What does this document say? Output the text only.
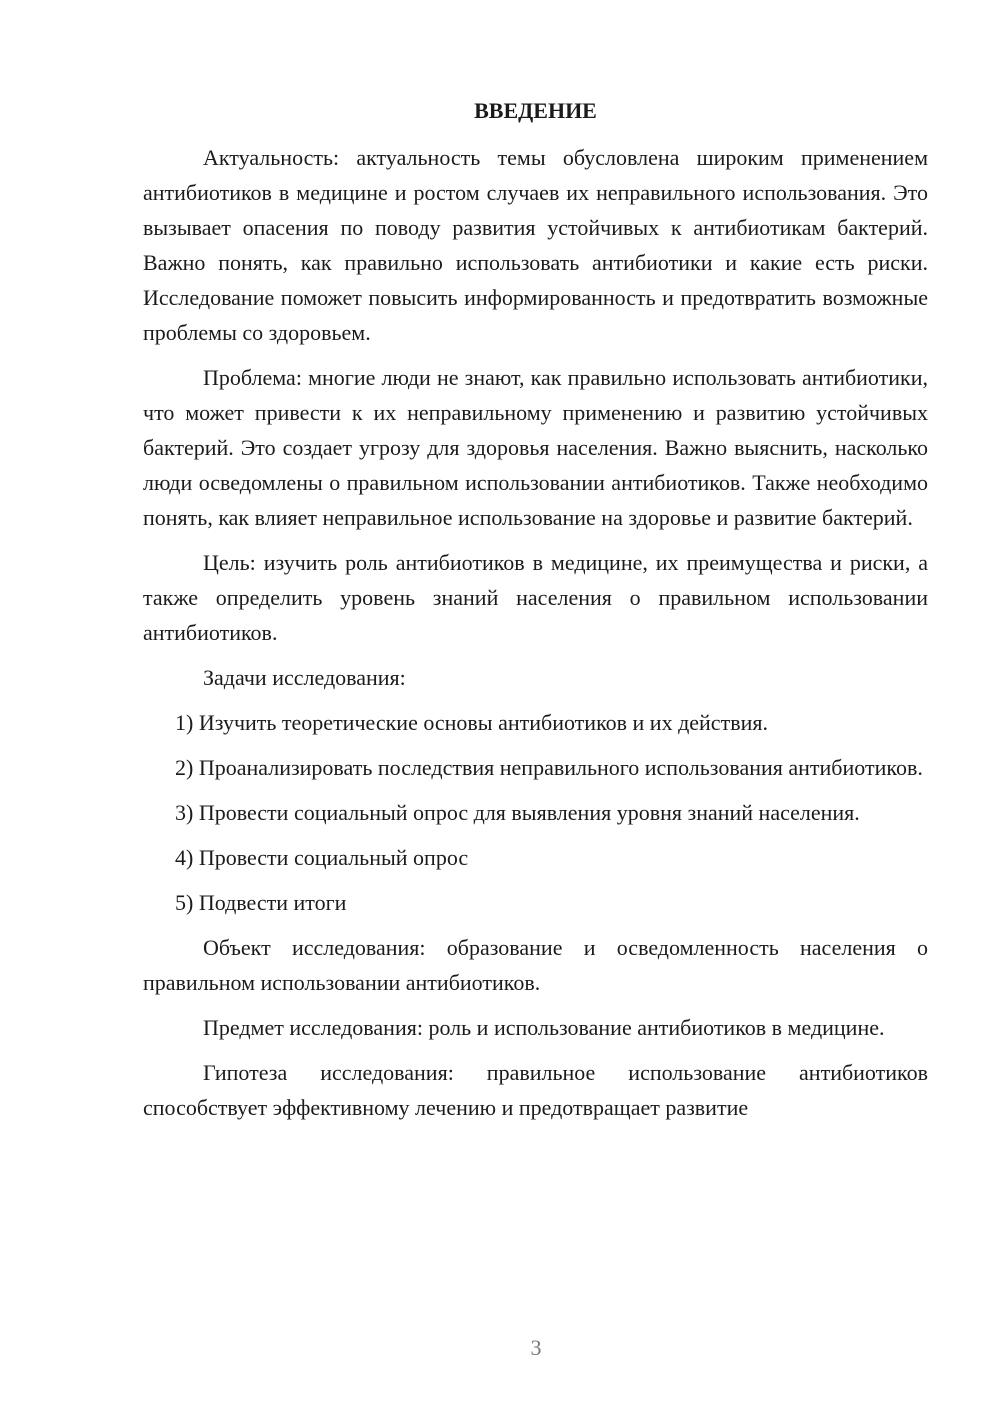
ВВЕДЕНИЕ

Актуальность: актуальность темы обусловлена широким применением антибиотиков в медицине и ростом случаев их неправильного использования. Это вызывает опасения по поводу развития устойчивых к антибиотикам бактерий. Важно понять, как правильно использовать антибиотики и какие есть риски. Исследование поможет повысить информированность и предотвратить возможные проблемы со здоровьем.

Проблема: многие люди не знают, как правильно использовать антибиотики, что может привести к их неправильному применению и развитию устойчивых бактерий. Это создает угрозу для здоровья населения. Важно выяснить, насколько люди осведомлены о правильном использовании антибиотиков. Также необходимо понять, как влияет неправильное использование на здоровье и развитие бактерий.

Цель: изучить роль антибиотиков в медицине, их преимущества и риски, а также определить уровень знаний населения о правильном использовании антибиотиков.

Задачи исследования:

1) Изучить теоретические основы антибиотиков и их действия.

2) Проанализировать последствия неправильного использования антибиотиков.

3) Провести социальный опрос для выявления уровня знаний населения.

4) Провести социальный опрос

5) Подвести итоги

Объект исследования: образование и осведомленность населения о правильном использовании антибиотиков.

Предмет исследования: роль и использование антибиотиков в медицине.

Гипотеза исследования: правильное использование антибиотиков способствует эффективному лечению и предотвращает развитие

3
